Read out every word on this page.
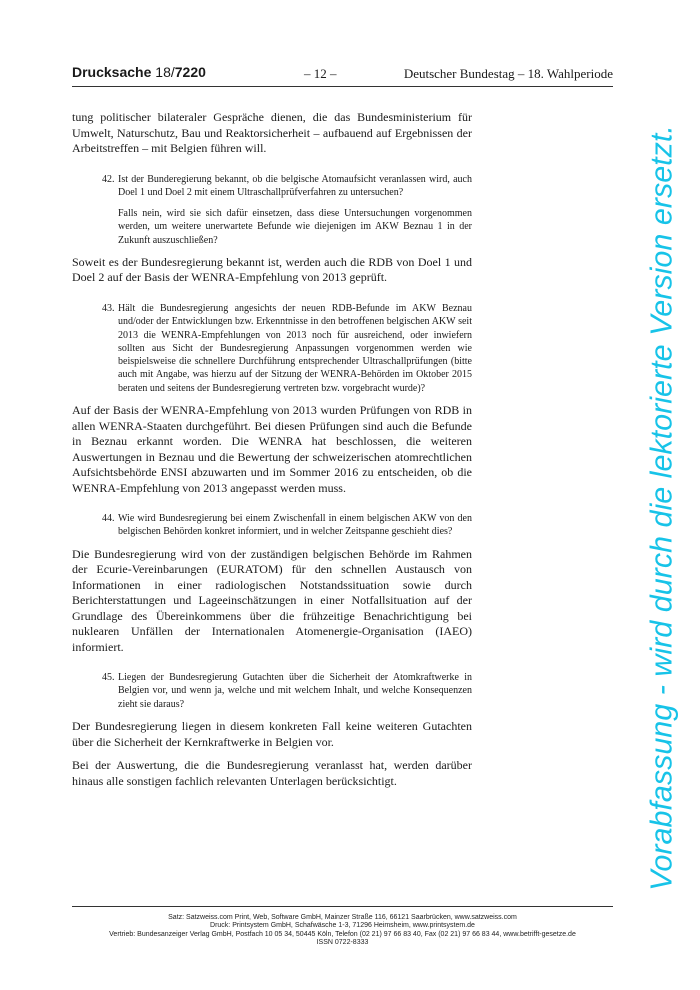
Drucksache 18/7220	– 12 –	Deutscher Bundestag – 18. Wahlperiode

tung politischer bilateraler Gespräche dienen, die das Bundesministerium für Umwelt, Naturschutz, Bau und Reaktorsicherheit – aufbauend auf Ergebnissen der Arbeitstreffen – mit Belgien führen will.

42. Ist der Bunderegierung bekannt, ob die belgische Atomaufsicht veranlassen wird, auch Doel 1 und Doel 2 mit einem Ultraschallprüfverfahren zu untersuchen?

Falls nein, wird sie sich dafür einsetzen, dass diese Untersuchungen vorgenommen werden, um weitere unerwartete Befunde wie diejenigen im AKW Beznau 1 in der Zukunft auszuschließen?

Soweit es der Bundesregierung bekannt ist, werden auch die RDB von Doel 1 und Doel 2 auf der Basis der WENRA-Empfehlung von 2013 geprüft.

43. Hält die Bundesregierung angesichts der neuen RDB-Befunde im AKW Beznau und/oder der Entwicklungen bzw. Erkenntnisse in den betroffenen belgischen AKW seit 2013 die WENRA-Empfehlungen von 2013 noch für ausreichend, oder inwiefern sollten aus Sicht der Bundesregierung Anpassungen vorgenommen werden wie beispielsweise die schnellere Durchführung entsprechender Ultraschallprüfungen (bitte auch mit Angabe, was hierzu auf der Sitzung der WENRA-Behörden im Oktober 2015 beraten und seitens der Bundesregierung vertreten bzw. vorgebracht wurde)?

Auf der Basis der WENRA-Empfehlung von 2013 wurden Prüfungen von RDB in allen WENRA-Staaten durchgeführt. Bei diesen Prüfungen sind auch die Befunde in Beznau erkannt worden. Die WENRA hat beschlossen, die weiteren Auswertungen in Beznau und die Bewertung der schweizerischen atomrechtlichen Aufsichtsbehörde ENSI abzuwarten und im Sommer 2016 zu entscheiden, ob die WENRA-Empfehlung von 2013 angepasst werden muss.

44. Wie wird Bundesregierung bei einem Zwischenfall in einem belgischen AKW von den belgischen Behörden konkret informiert, und in welcher Zeitspanne geschieht dies?

Die Bundesregierung wird von der zuständigen belgischen Behörde im Rahmen der Ecurie-Vereinbarungen (EURATOM) für den schnellen Austausch von Informationen in einer radiologischen Notstandssituation sowie durch Berichterstattungen und Lageeinschätzungen in einer Notfallsituation auf der Grundlage des Übereinkommens über die frühzeitige Benachrichtigung bei nuklearen Unfällen der Internationalen Atomenergie-Organisation (IAEO) informiert.

45. Liegen der Bundesregierung Gutachten über die Sicherheit der Atomkraftwerke in Belgien vor, und wenn ja, welche und mit welchem Inhalt, und welche Konsequenzen zieht sie daraus?

Der Bundesregierung liegen in diesem konkreten Fall keine weiteren Gutachten über die Sicherheit der Kernkraftwerke in Belgien vor.

Bei der Auswertung, die die Bundesregierung veranlasst hat, werden darüber hinaus alle sonstigen fachlich relevanten Unterlagen berücksichtigt.	Vorabfassung - wird durch die lektorierte Version ersetzt.
Satz: Satzweiss.com Print, Web, Software GmbH, Mainzer Straße 116, 66121 Saarbrücken, www.satzweiss.com
Druck: Printsystem GmbH, Schafwäsche 1-3, 71296 Heimsheim, www.printsystem.de
Vertrieb: Bundesanzeiger Verlag GmbH, Postfach 10 05 34, 50445 Köln, Telefon (02 21) 97 66 83 40, Fax (02 21) 97 66 83 44, www.betrifft-gesetze.de
ISSN 0722-8333
